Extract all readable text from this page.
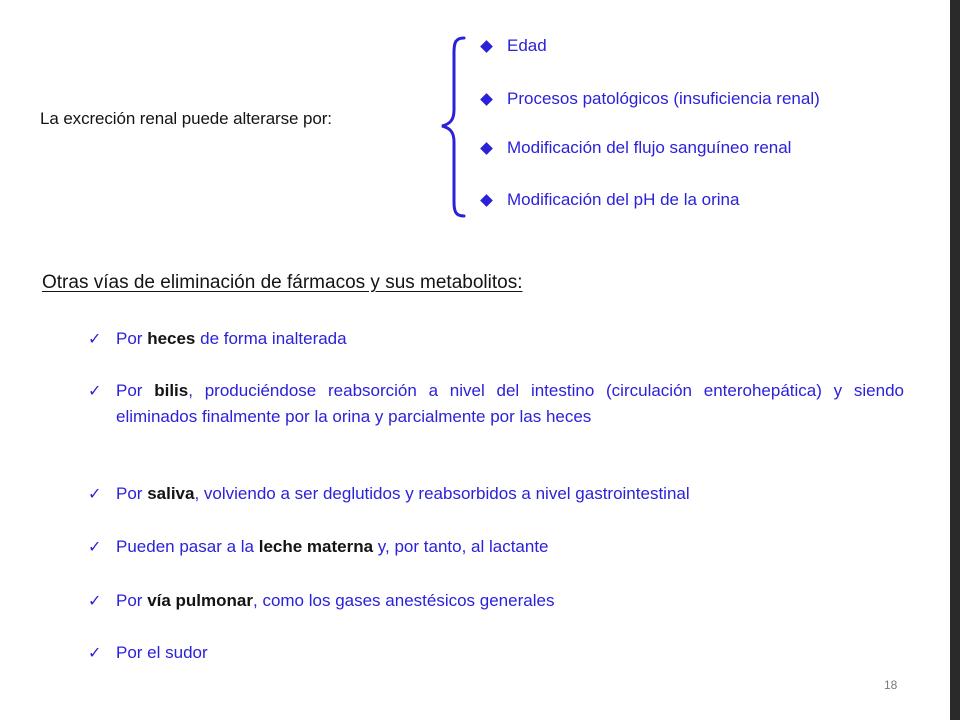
La excreción renal puede alterarse por:
Edad
Procesos patológicos (insuficiencia renal)
Modificación del flujo sanguíneo renal
Modificación del pH de la orina
Otras vías de eliminación de fármacos y sus metabolitos:
✓ Por heces de forma inalterada
✓ Por bilis, produciéndose reabsorción a nivel del intestino (circulación enterohepática) y siendo eliminados finalmente por la orina y parcialmente por las heces
✓ Por saliva, volviendo a ser deglutidos y reabsorbidos a nivel gastrointestinal
✓ Pueden pasar a la leche materna y, por tanto, al lactante
✓ Por vía pulmonar, como los gases anestésicos generales
✓ Por el sudor
18
